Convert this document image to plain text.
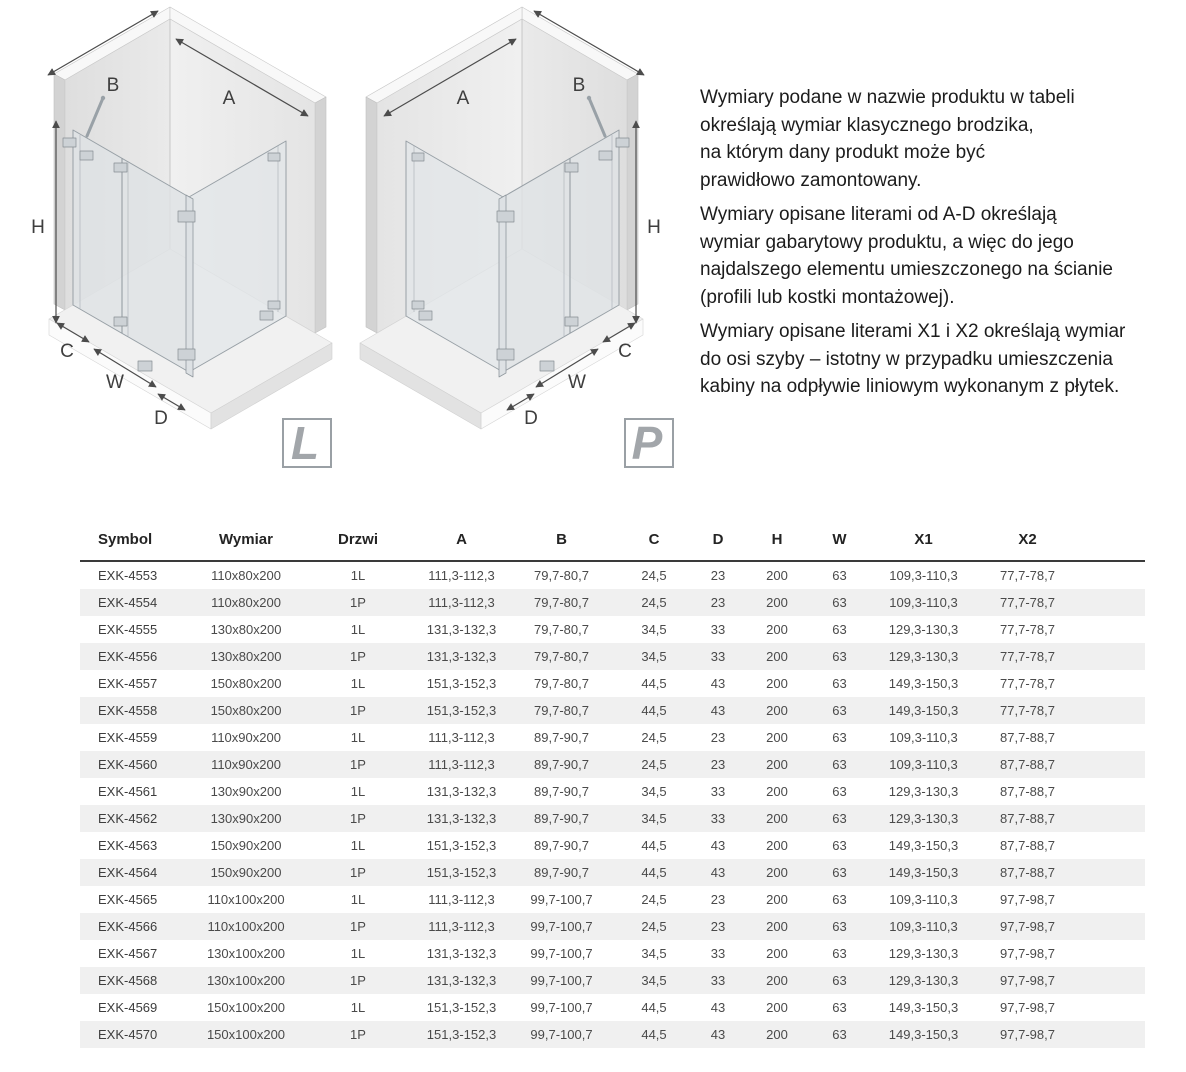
B
A
H
C
W
D	L
B
A
H
C
W
D P
Wymiary podane w nazwie produktu w tabeli
określają wymiar klasycznego brodzika,
na którym dany produkt może być
prawidłowo zamontowany.
Wymiary opisane literami od A-D określają
wymiar gabarytowy produktu, a więc do jego
najdalszego elementu umieszczonego na ścianie
(profili lub kostki montażowej).
Wymiary opisane literami X1 i X2 określają wymiar
do osi szyby – istotny w przypadku umieszczenia
kabiny na odpływie liniowym wykonanym z płytek.
Symbol	Wymiar	Drzwi	A	B	C	D	H	W	X1	X2
EXK-4553	110x80x200	1L	111,3-112,3	79,7-80,7	24,5	23	200	63	109,3-110,3	77,7-78,7
EXK-4554	110x80x200	1P	111,3-112,3	79,7-80,7	24,5	23	200	63	109,3-110,3	77,7-78,7
EXK-4555	130x80x200	1L	131,3-132,3	79,7-80,7	34,5	33	200	63	129,3-130,3	77,7-78,7
EXK-4556	130x80x200	1P	131,3-132,3	79,7-80,7	34,5	33	200	63	129,3-130,3	77,7-78,7
EXK-4557	150x80x200	1L	151,3-152,3	79,7-80,7	44,5	43	200	63	149,3-150,3	77,7-78,7
EXK-4558	150x80x200	1P	151,3-152,3	79,7-80,7	44,5	43	200	63	149,3-150,3	77,7-78,7
EXK-4559	110x90x200	1L	111,3-112,3	89,7-90,7	24,5	23	200	63	109,3-110,3	87,7-88,7
EXK-4560	110x90x200	1P	111,3-112,3	89,7-90,7	24,5	23	200	63	109,3-110,3	87,7-88,7
EXK-4561	130x90x200	1L	131,3-132,3	89,7-90,7	34,5	33	200	63	129,3-130,3	87,7-88,7
EXK-4562	130x90x200	1P	131,3-132,3	89,7-90,7	34,5	33	200	63	129,3-130,3	87,7-88,7
EXK-4563	150x90x200	1L	151,3-152,3	89,7-90,7	44,5	43	200	63	149,3-150,3	87,7-88,7
EXK-4564	150x90x200	1P	151,3-152,3	89,7-90,7	44,5	43	200	63	149,3-150,3	87,7-88,7
EXK-4565	110x100x200	1L	111,3-112,3	99,7-100,7	24,5	23	200	63	109,3-110,3	97,7-98,7
EXK-4566	110x100x200	1P	111,3-112,3	99,7-100,7	24,5	23	200	63	109,3-110,3	97,7-98,7
EXK-4567	130x100x200	1L	131,3-132,3	99,7-100,7	34,5	33	200	63	129,3-130,3	97,7-98,7
EXK-4568	130x100x200	1P	131,3-132,3	99,7-100,7	34,5	33	200	63	129,3-130,3	97,7-98,7
EXK-4569	150x100x200	1L	151,3-152,3	99,7-100,7	44,5	43	200	63	149,3-150,3	97,7-98,7
EXK-4570	150x100x200	1P	151,3-152,3	99,7-100,7	44,5	43	200	63	149,3-150,3	97,7-98,7
